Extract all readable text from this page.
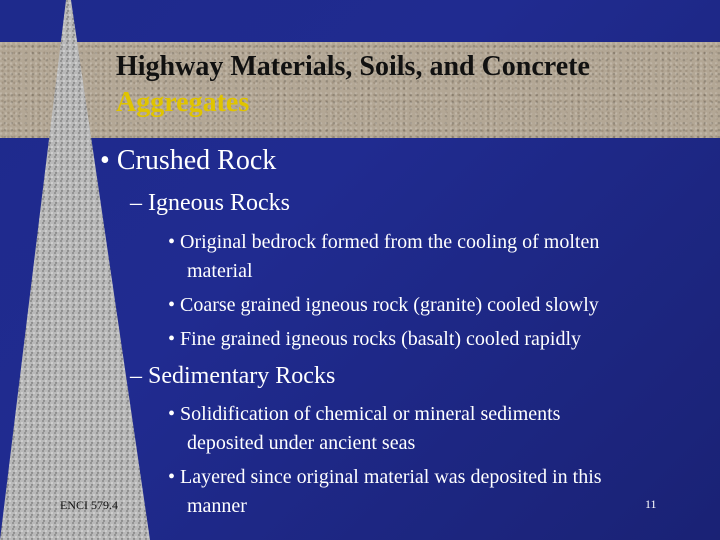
Highway Materials, Soils, and Concrete
Aggregates

• Crushed Rock

– Igneous Rocks

• Original bedrock formed from the cooling of molten

material

• Coarse grained igneous rock (granite) cooled slowly

• Fine grained igneous rocks (basalt) cooled rapidly

– Sedimentary Rocks

• Solidification of chemical or mineral sediments

deposited under ancient seas

• Layered since original material was deposited in this

manner

ENCI 579.4	11
